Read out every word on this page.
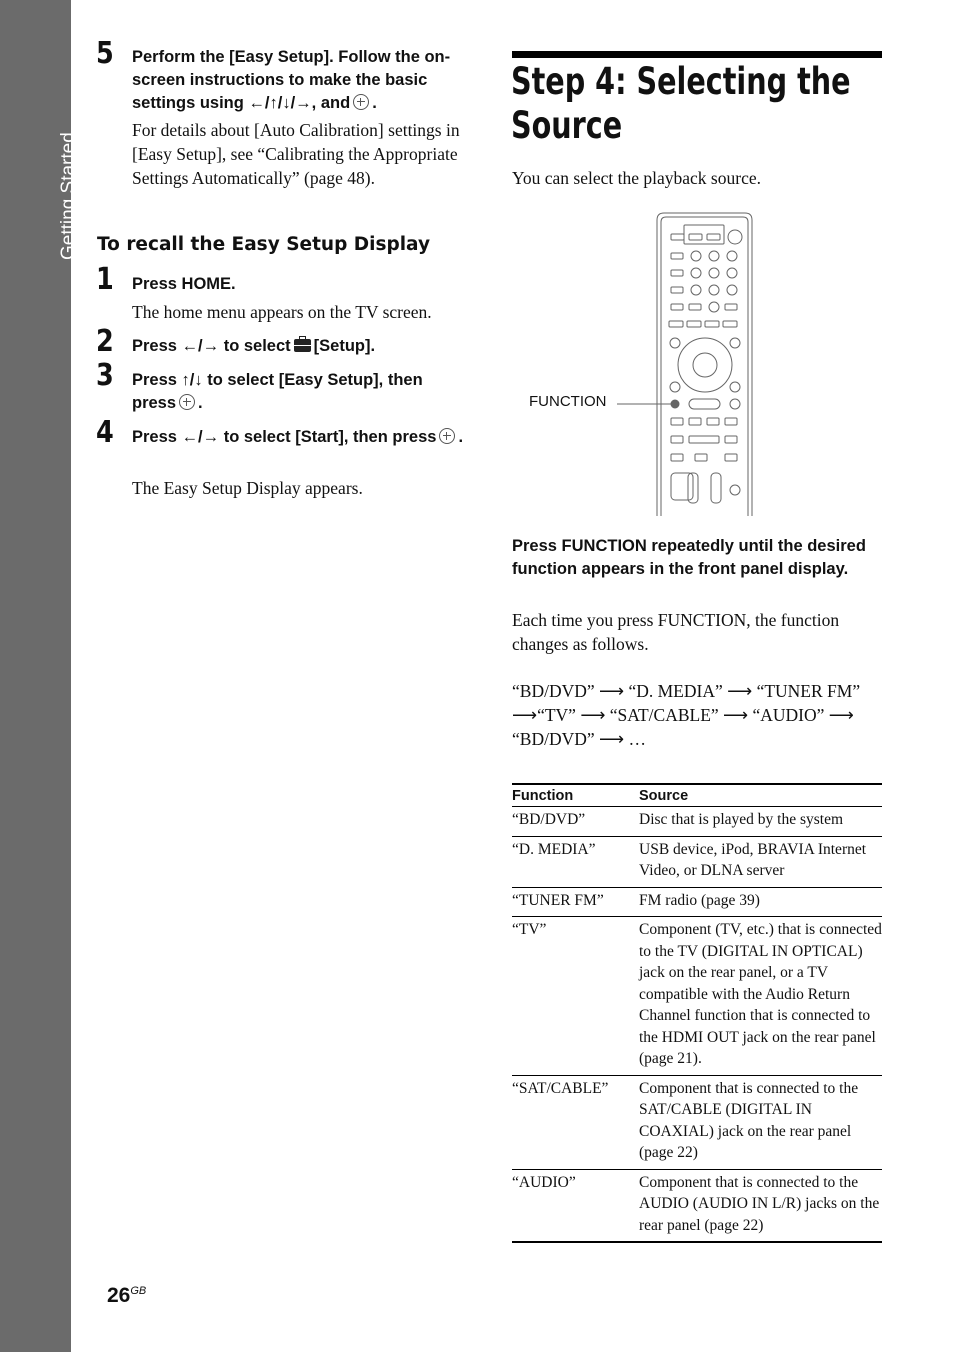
Getting Started
5 Perform the [Easy Setup]. Follow the on-screen instructions to make the basic settings using ←/↑/↓/→, and .
For details about [Auto Calibration] settings in [Easy Setup], see “Calibrating the Appropriate Settings Automatically” (page 48).
To recall the Easy Setup Display
1 Press HOME.
The home menu appears on the TV screen.
2 Press ←/→ to select [Setup].
3 Press ↑/↓ to select [Easy Setup], then press .
4 Press ←/→ to select [Start], then press .
The Easy Setup Display appears.
Step 4: Selecting the Source
You can select the playback source.
FUNCTION
Press FUNCTION repeatedly until the desired function appears in the front panel display.
Each time you press FUNCTION, the function changes as follows.
“BD/DVD” ⟶ “D. MEDIA” ⟶ “TUNER FM”
⟶“TV” ⟶ “SAT/CABLE” ⟶ “AUDIO” ⟶
“BD/DVD” ⟶ …
Function	Source
“BD/DVD”	Disc that is played by the system
“D. MEDIA”	USB device, iPod, BRAVIA Internet Video, or DLNA server
“TUNER FM”	FM radio (page 39)
“TV”	Component (TV, etc.) that is connected to the TV (DIGITAL IN OPTICAL) jack on the rear panel, or a TV compatible with the Audio Return Channel function that is connected to the HDMI OUT jack on the rear panel (page 21).
“SAT/CABLE”	Component that is connected to the SAT/CABLE (DIGITAL IN COAXIAL) jack on the rear panel (page 22)
“AUDIO”	Component that is connected to the AUDIO (AUDIO IN L/R) jacks on the rear panel (page 22)
$26^{GB}$
